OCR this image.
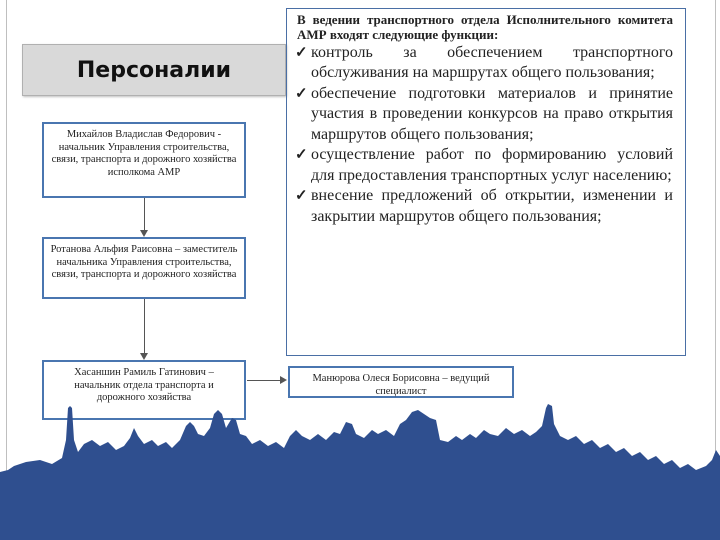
Персоналии
Михайлов Владислав Федорович - начальник Управления строительства, связи, транспорта и дорожного хозяйства исполкома АМР
Ротанова Альфия Раисовна – заместитель начальника Управления строительства, связи, транспорта и дорожного хозяйства
Хасаншин Рамиль Гатинович – начальник отдела транспорта и дорожного хозяйства
Манюрова Олеся Борисовна – ведущий специалист

В ведении транспортного отдела Исполнительного комитета АМР входят следующие функции:

✓ контроль за обеспечением транспортного обслуживания на маршрутах общего пользования;
✓ обеспечение подготовки материалов и принятие участия в проведении конкурсов на право открытия маршрутов общего пользования;
✓ осуществление работ по формированию условий для предоставления транспортных услуг населению;
✓ внесение предложений об открытии, изменении и закрытии маршрутов общего пользования;
